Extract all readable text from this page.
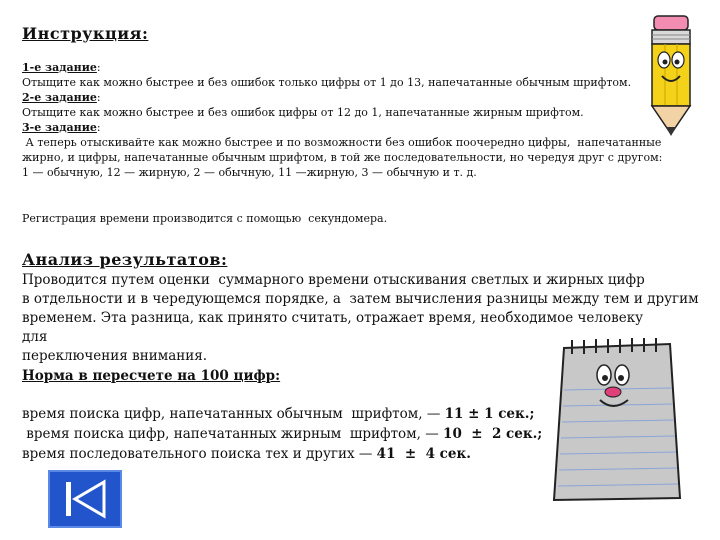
Инструкция:
1-е задание:
Отыщите как можно быстрее и без ошибок только цифры от 1 до 13, напечатанные обычным шрифтом.
2-е задание:
Отыщите как можно быстрее и без ошибок цифры от 12 до 1, напечатанные жирным шрифтом.
3-е задание:
А теперь отыскивайте как можно быстрее и по возможности без ошибок поочередно цифры,  напечатанные
жирно, и цифры, напечатанные обычным шрифтом, в той же последовательности, но чередуя друг с другом:
1 — обычную, 12 — жирную, 2 — обычную, 11 —жирную, 3 — обычную и т. д.
Регистрация времени производится с помощью  секундомера.
Анализ результатов:
Проводится путем оценки  суммарного времени отыскивания светлых и жирных цифр
в отдельности и в чередующемся порядке, а  затем вычисления разницы между тем и другим
временем. Эта разница, как принято считать, отражает время, необходимое человеку для
переключения внимания.
Норма в пересчете на 100 цифр:
время поиска цифр, напечатанных обычным  шрифтом, — 11 ± 1 сек.;
время поиска цифр, напечатанных жирным  шрифтом, — 10  ±  2 сек.;
время последовательного поиска тех и других — 41  ±  4 сек.
